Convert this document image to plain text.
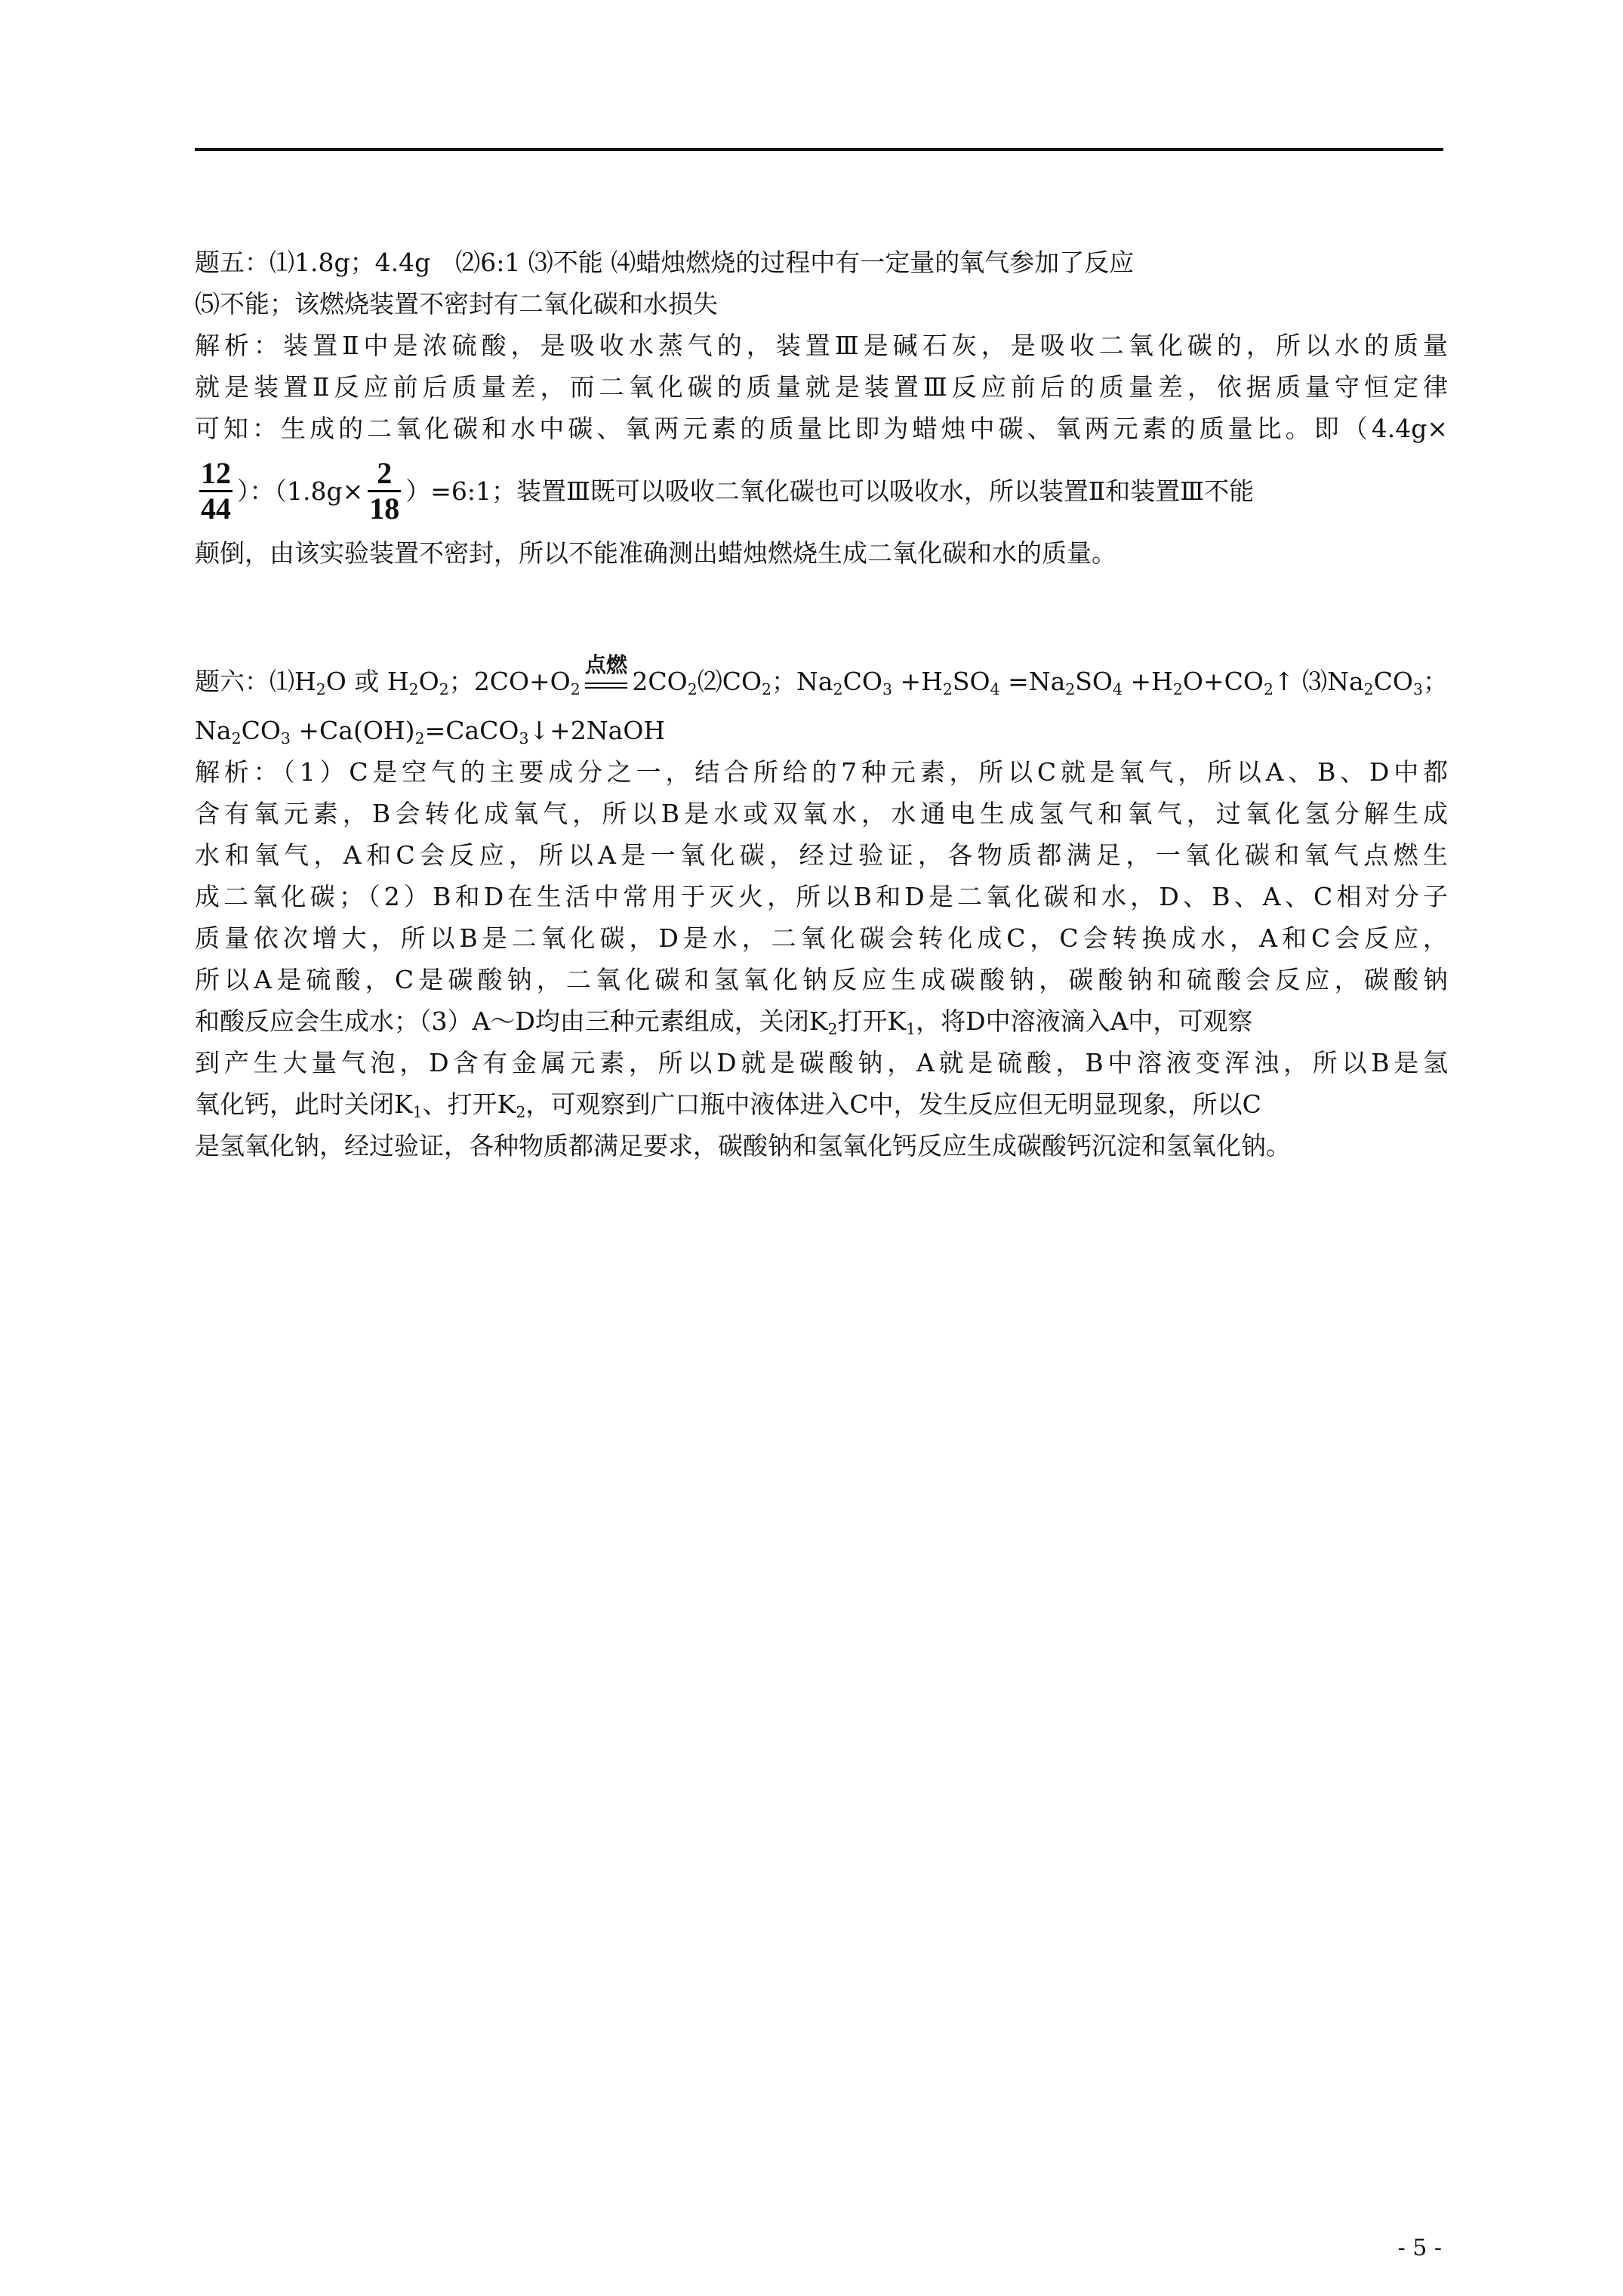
题五：⑴1.8g；4.4g　⑵6:1 ⑶不能 ⑷蜡烛燃烧的过程中有一定量的氧气参加了反应
⑸不能；该燃烧装置不密封有二氧化碳和水损失
解析：装置Ⅱ中是浓硫酸，是吸收水蒸气的，装置Ⅲ是碱石灰，是吸收二氧化碳的，所以水的质量
就是装置Ⅱ反应前后质量差，而二氧化碳的质量就是装置Ⅲ反应前后的质量差，依据质量守恒定律
可知：生成的二氧化碳和水中碳、氧两元素的质量比即为蜡烛中碳、氧两元素的质量比。即（4.4g×
$\frac{12}{44}$ ）：（$1.8g\times \frac{2}{18}$ ）=6:1；装置Ⅲ既可以吸收二氧化碳也可以吸收水，所以装置Ⅱ和装置Ⅲ不能
颠倒，由该实验装置不密封，所以不能准确测出蜡烛燃烧生成二氧化碳和水的质量。
题六：$⑴H_2O$ 或 $H_2O_2$；$2CO+O_2$
点燃
$2CO_2⑵CO_2$；$Na_2CO_3 +H_2SO_4 =Na_2SO_4$ $+H_2O+CO_2↑$ $⑶Na_2CO_3$；
$Na_2CO_3$ $+Ca(OH)_2=CaCO_3↓+2NaOH$
解析：（1）C是空气的主要成分之一，结合所给的7种元素，所以C就是氧气，所以A、B、D中都
含有氧元素，B会转化成氧气，所以B是水或双氧水，水通电生成氢气和氧气，过氧化氢分解生成
水和氧气，A和C会反应，所以A是一氧化碳，经过验证，各物质都满足，一氧化碳和氧气点燃生
成二氧化碳；（2）B和D在生活中常用于灭火，所以B和D是二氧化碳和水，D、B、A、C相对分子
质量依次增大，所以B是二氧化碳，D是水，二氧化碳会转化成C，C会转换成水，A和C会反应，
所以A是硫酸，C是碳酸钠，二氧化碳和氢氧化钠反应生成碳酸钠，碳酸钠和硫酸会反应，碳酸钠
和酸反应会生成水；（3）A～D均由三种元素组成，关闭$K_2$打开$K_1$，将D中溶液滴入A中，可观察
到产生大量气泡，D含有金属元素，所以D就是碳酸钠，A就是硫酸，B中溶液变浑浊，所以B是氢
氧化钙，此时关闭$K_1$、打开$K_2$，可观察到广口瓶中液体进入C中，发生反应但无明显现象，所以C
是氢氧化钠，经过验证，各种物质都满足要求，碳酸钠和氢氧化钙反应生成碳酸钙沉淀和氢氧化钠。
- 5 -
